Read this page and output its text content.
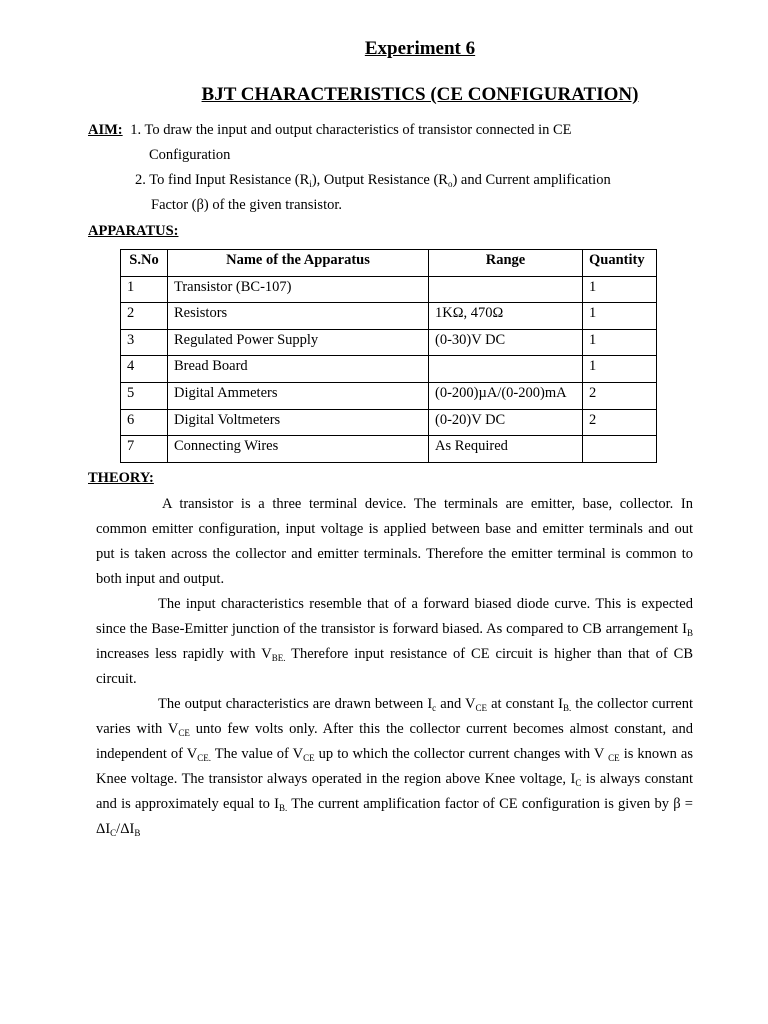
Experiment 6
BJT CHARACTERISTICS (CE CONFIGURATION)
AIM: 1. To draw the input and output characteristics of transistor connected in CE
Configuration
2. To find Input Resistance $(R_i)$, Output Resistance $(R_o)$ and Current amplification
Factor (β) of the given transistor.
APPARATUS:
S.No	Name of the Apparatus	Range	Quantity
1	Transistor (BC-107)		1
2	Resistors	1KΩ, 470Ω	1
3	Regulated Power Supply	(0-30)V DC	1
4	Bread Board		1
5	Digital Ammeters	(0-200)µA/(0-200)mA	2
6	Digital Voltmeters	(0-20)V DC	2
7	Connecting Wires	As Required	
THEORY:

A transistor is a three terminal device. The terminals are emitter, base, collector. In common emitter configuration, input voltage is applied between base and emitter terminals and out put is taken across the collector and emitter terminals. Therefore the emitter terminal is common to both input and output.

The input characteristics resemble that of a forward biased diode curve. This is expected since the Base-Emitter junction of the transistor is forward biased. As compared to CB arrangement $I_B$ increases less rapidly with $V_{BE.}$ Therefore input resistance of CE circuit is higher than that of CB circuit.

The output characteristics are drawn between $I_c$ and $V_{CE}$ at constant $I_{B.}$ the collector current varies with $V_{CE}$ unto few volts only. After this the collector current becomes almost constant, and independent of $V_{CE.}$ The value of $V_{CE}$ up to which the collector current changes with V $_{CE}$ is known as Knee voltage. The transistor always operated in the region above Knee voltage, $I_C$ is always constant and is approximately equal to $I_{B.}$ The current amplification factor of CE configuration is given by $\beta = \Delta I_C/\Delta I_B$
